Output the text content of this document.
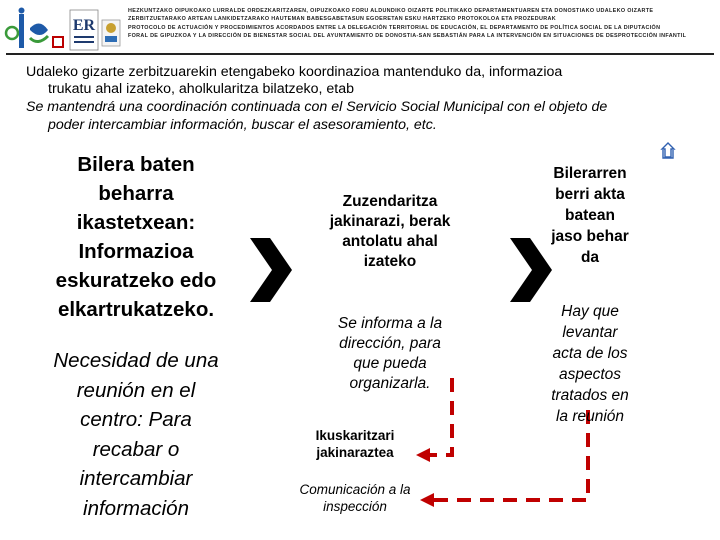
ER
HEZKUNTZAKO OIPUKOAKO LURRALDE ORDEZKARITZAREN, OIPUZKOAKO FORU ALDUNDIKO OIZARTE POLITIKAKO DEPARTAMENTUAREN ETA DONOSTIAKO UDALEKO OIZARTE
ZERBITZUETARAKO ARTEAN LANKIDETZARAKO HAUTEMAN BABESGABETASUN EGOERETAN ESKU HARTZEKO PROTOKOLOA ETA PROZEDURAK
PROTOCOLO DE ACTUACIÓN Y PROCEDIMIENTOS ACORDADOS ENTRE LA DELEGACIÓN TERRITORIAL DE EDUCACIÓN, EL DEPARTAMENTO DE POLÍTICA SOCIAL DE LA DIPUTACIÓN
FORAL DE GIPUZKOA Y LA DIRECCIÓN DE BIENESTAR SOCIAL DEL AYUNTAMIENTO DE DONOSTIA-SAN SEBASTIÁN PARA LA INTERVENCIÓN EN SITUACIONES DE DESPROTECCIÓN INFANTIL
Udaleko gizarte zerbitzuarekin etengabeko koordinazioa mantenduko da, informazioa
trukatu ahal izateko, aholkularitza bilatzeko, etab
Se mantendrá una coordinación continuada con el Servicio Social Municipal con el objeto de
poder intercambiar información, buscar el asesoramiento, etc.
Bilera baten
beharra
ikastetxean:
Informazioa
eskuratzeko edo
elkartrukatzeko.
Necesidad de una
reunión en el
centro: Para
recabar o
intercambiar
información
Zuzendaritza
jakinarazi, berak
antolatu ahal
izateko
Se informa a la
dirección, para
que pueda
organizarla.
Bilerarren
berri akta
batean
jaso behar
da
Hay que
levantar
acta de los
aspectos
tratados en
la reunión
Ikuskaritzari
jakinaraztea
Comunicación a la
inspección
